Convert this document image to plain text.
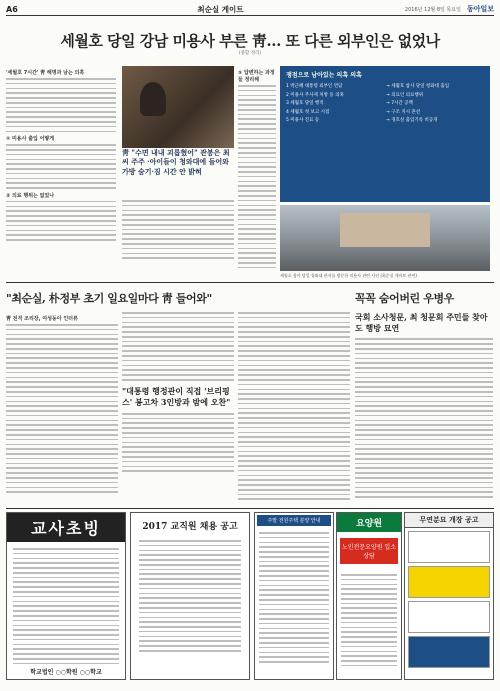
A6	최순실 게이트	2016년 12월 8일 목요일 동아일보
세월호 당일 강남 미용사 부른 靑… 또 다른 외부인은 없었나
(종합 정리)
'세월호 7시간' 靑 해명과 남는 의혹
① 미용사 출입 어떻게
② 의료 행위는 없었나
靑 "수면 내내 괴롭혔어" 관봉은 최씨 주주 ·아이들이 청와대에 들어와 가방 숨기·짐 시간 안 밝혀
⑤ 답변하는 과정들 정리해
쟁점으로 남아있는 의혹 의혹
1 박근혜 대통령 외부인 면담	→ 세월호 참사 당일 청와대 출입
2 미용사 주사제 처방 등 의혹	→ 의료인 의료행위
3 세월호 당일 행적	→ 7시간 공백
4 세월호 첫 보고 시점	→ 구조 지시 혼선
5 미용사 진료 등	→ 경호실 출입기록 비공개
세월호 참사 당일 청와대 관저를 방문한 미용사 관련 사진 (최순실 게이트 관련)
"최순실, 朴정부 초기 일요일마다 靑 들어와"	꼭꼭 숨어버린 우병우
靑 전직 조리장, 여성동아 인터뷰
"대통령 행정관이 직접 '브리핑스' 봉고차 3인방과 밤에 오찬"
국회 소사청문, 최 청문회 주민들 찾아도 행방 묘연
교사초빙
학교법인 ○○학원 ○○학교
2017 교직원 채용 공고
주말 전원주택 분양 안내	요양원
노인전문요양원 입소 상담
무연분묘 개장 공고
